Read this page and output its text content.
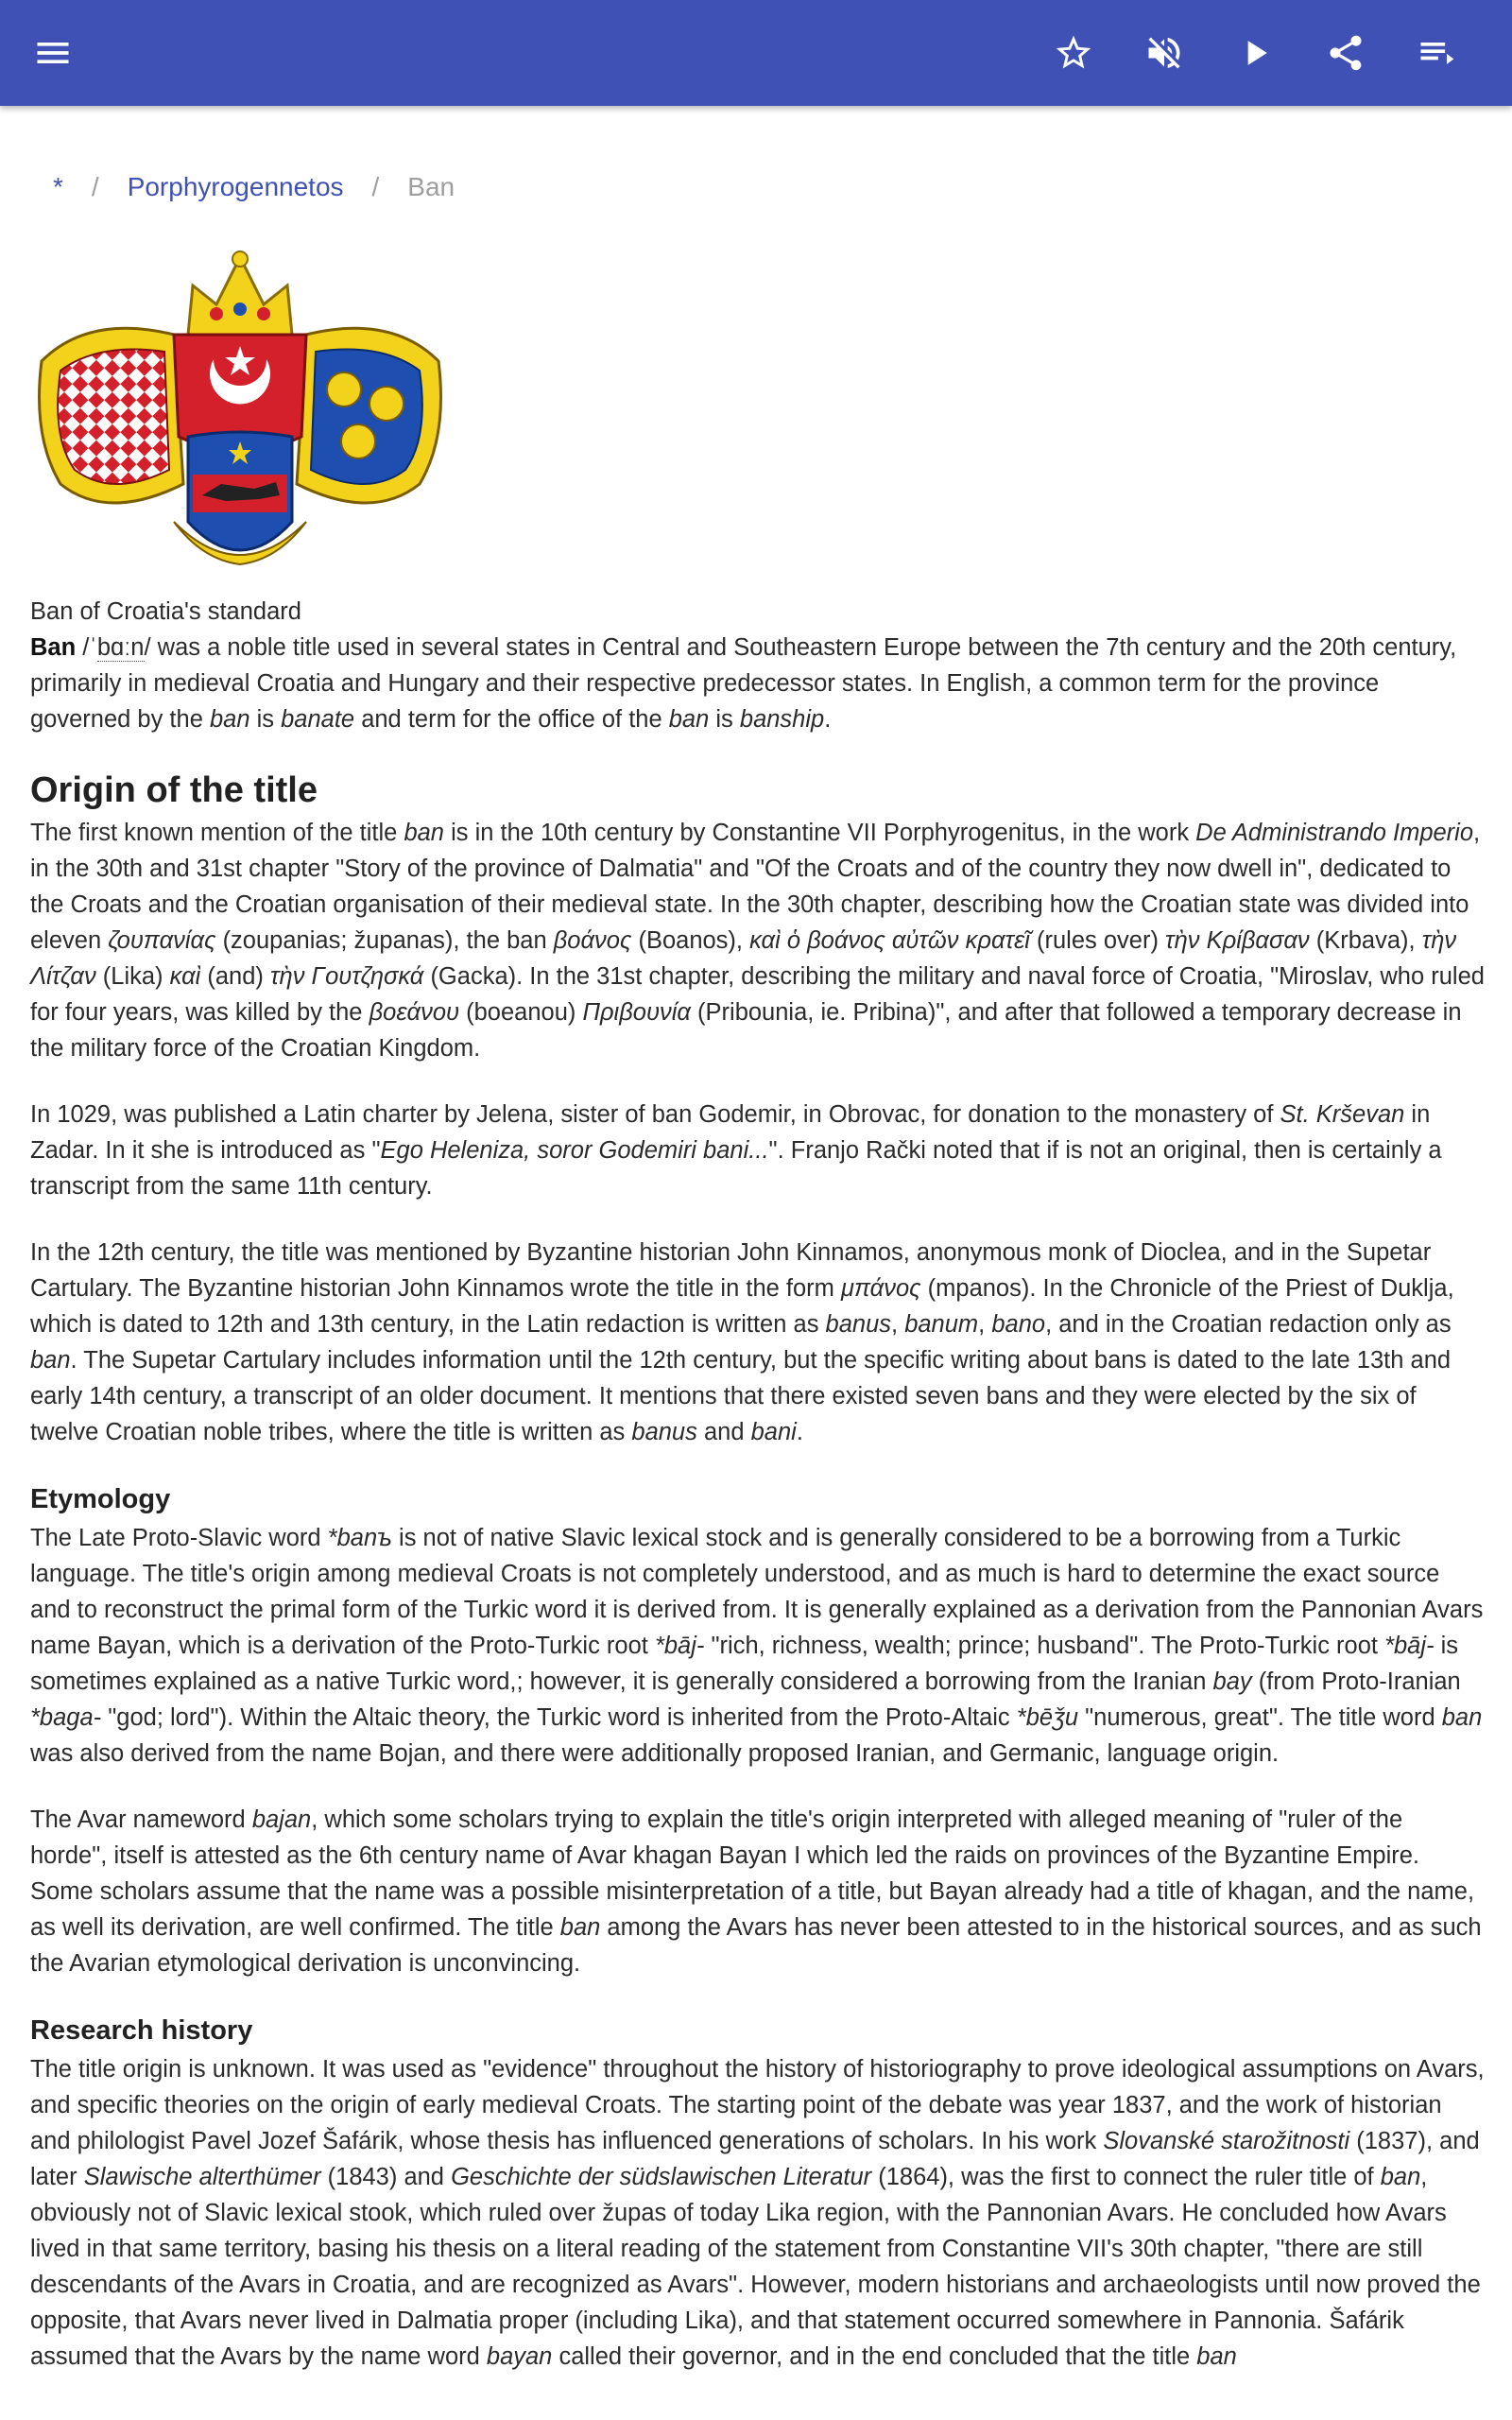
* / Porphyrogennetos / Ban

Ban of Croatia's standard

Ban /ˈbɑːn/ was a noble title used in several states in Central and Southeastern Europe between the 7th century and the 20th century, primarily in medieval Croatia and Hungary and their respective predecessor states. In English, a common term for the province governed by the ban is banate and term for the office of the ban is banship.

Origin of the title

The first known mention of the title ban is in the 10th century by Constantine VII Porphyrogenitus, in the work De Administrando Imperio, in the 30th and 31st chapter "Story of the province of Dalmatia" and "Of the Croats and of the country they now dwell in", dedicated to the Croats and the Croatian organisation of their medieval state. In the 30th chapter, describing how the Croatian state was divided into eleven ζουπανίας (zoupanias; županas), the ban βοάνος (Boanos), καὶ ὁ βοάνος αὐτῶν κρατεῖ (rules over) τὴν Κρίβασαν (Krbava), τὴν Λίτζαν (Lika) καὶ (and) τὴν Γουτζησκά (Gacka). In the 31st chapter, describing the military and naval force of Croatia, "Miroslav, who ruled for four years, was killed by the βοεάνου (boeanou) Πριβουνία (Pribounia, ie. Pribina)", and after that followed a temporary decrease in the military force of the Croatian Kingdom.

In 1029, was published a Latin charter by Jelena, sister of ban Godemir, in Obrovac, for donation to the monastery of St. Krševan in Zadar. In it she is introduced as "Ego Heleniza, soror Godemiri bani...". Franjo Rački noted that if is not an original, then is certainly a transcript from the same 11th century.

In the 12th century, the title was mentioned by Byzantine historian John Kinnamos, anonymous monk of Dioclea, and in the Supetar Cartulary. The Byzantine historian John Kinnamos wrote the title in the form μπάνος (mpanos). In the Chronicle of the Priest of Duklja, which is dated to 12th and 13th century, in the Latin redaction is written as banus, banum, bano, and in the Croatian redaction only as ban. The Supetar Cartulary includes information until the 12th century, but the specific writing about bans is dated to the late 13th and early 14th century, a transcript of an older document. It mentions that there existed seven bans and they were elected by the six of twelve Croatian noble tribes, where the title is written as banus and bani.

Etymology

The Late Proto-Slavic word *banъ is not of native Slavic lexical stock and is generally considered to be a borrowing from a Turkic language. The title's origin among medieval Croats is not completely understood, and as much is hard to determine the exact source and to reconstruct the primal form of the Turkic word it is derived from. It is generally explained as a derivation from the Pannonian Avars name Bayan, which is a derivation of the Proto-Turkic root *bāj- "rich, richness, wealth; prince; husband". The Proto-Turkic root *bāj- is sometimes explained as a native Turkic word,; however, it is generally considered a borrowing from the Iranian bay (from Proto-Iranian *baga- "god; lord"). Within the Altaic theory, the Turkic word is inherited from the Proto-Altaic *bēǯu "numerous, great". The title word ban was also derived from the name Bojan, and there were additionally proposed Iranian, and Germanic, language origin.

The Avar nameword bajan, which some scholars trying to explain the title's origin interpreted with alleged meaning of "ruler of the horde", itself is attested as the 6th century name of Avar khagan Bayan I which led the raids on provinces of the Byzantine Empire. Some scholars assume that the name was a possible misinterpretation of a title, but Bayan already had a title of khagan, and the name, as well its derivation, are well confirmed. The title ban among the Avars has never been attested to in the historical sources, and as such the Avarian etymological derivation is unconvincing.

Research history

The title origin is unknown. It was used as "evidence" throughout the history of historiography to prove ideological assumptions on Avars, and specific theories on the origin of early medieval Croats. The starting point of the debate was year 1837, and the work of historian and philologist Pavel Jozef Šafárik, whose thesis has influenced generations of scholars. In his work Slovanské starožitnosti (1837), and later Slawische alterthümer (1843) and Geschichte der südslawischen Literatur (1864), was the first to connect the ruler title of ban, obviously not of Slavic lexical stook, which ruled over župas of today Lika region, with the Pannonian Avars. He concluded how Avars lived in that same territory, basing his thesis on a literal reading of the statement from Constantine VII's 30th chapter, "there are still descendants of the Avars in Croatia, and are recognized as Avars". However, modern historians and archaeologists until now proved the opposite, that Avars never lived in Dalmatia proper (including Lika), and that statement occurred somewhere in Pannonia. Šafárik assumed that the Avars by the name word bayan called their governor, and in the end concluded that the title ban
